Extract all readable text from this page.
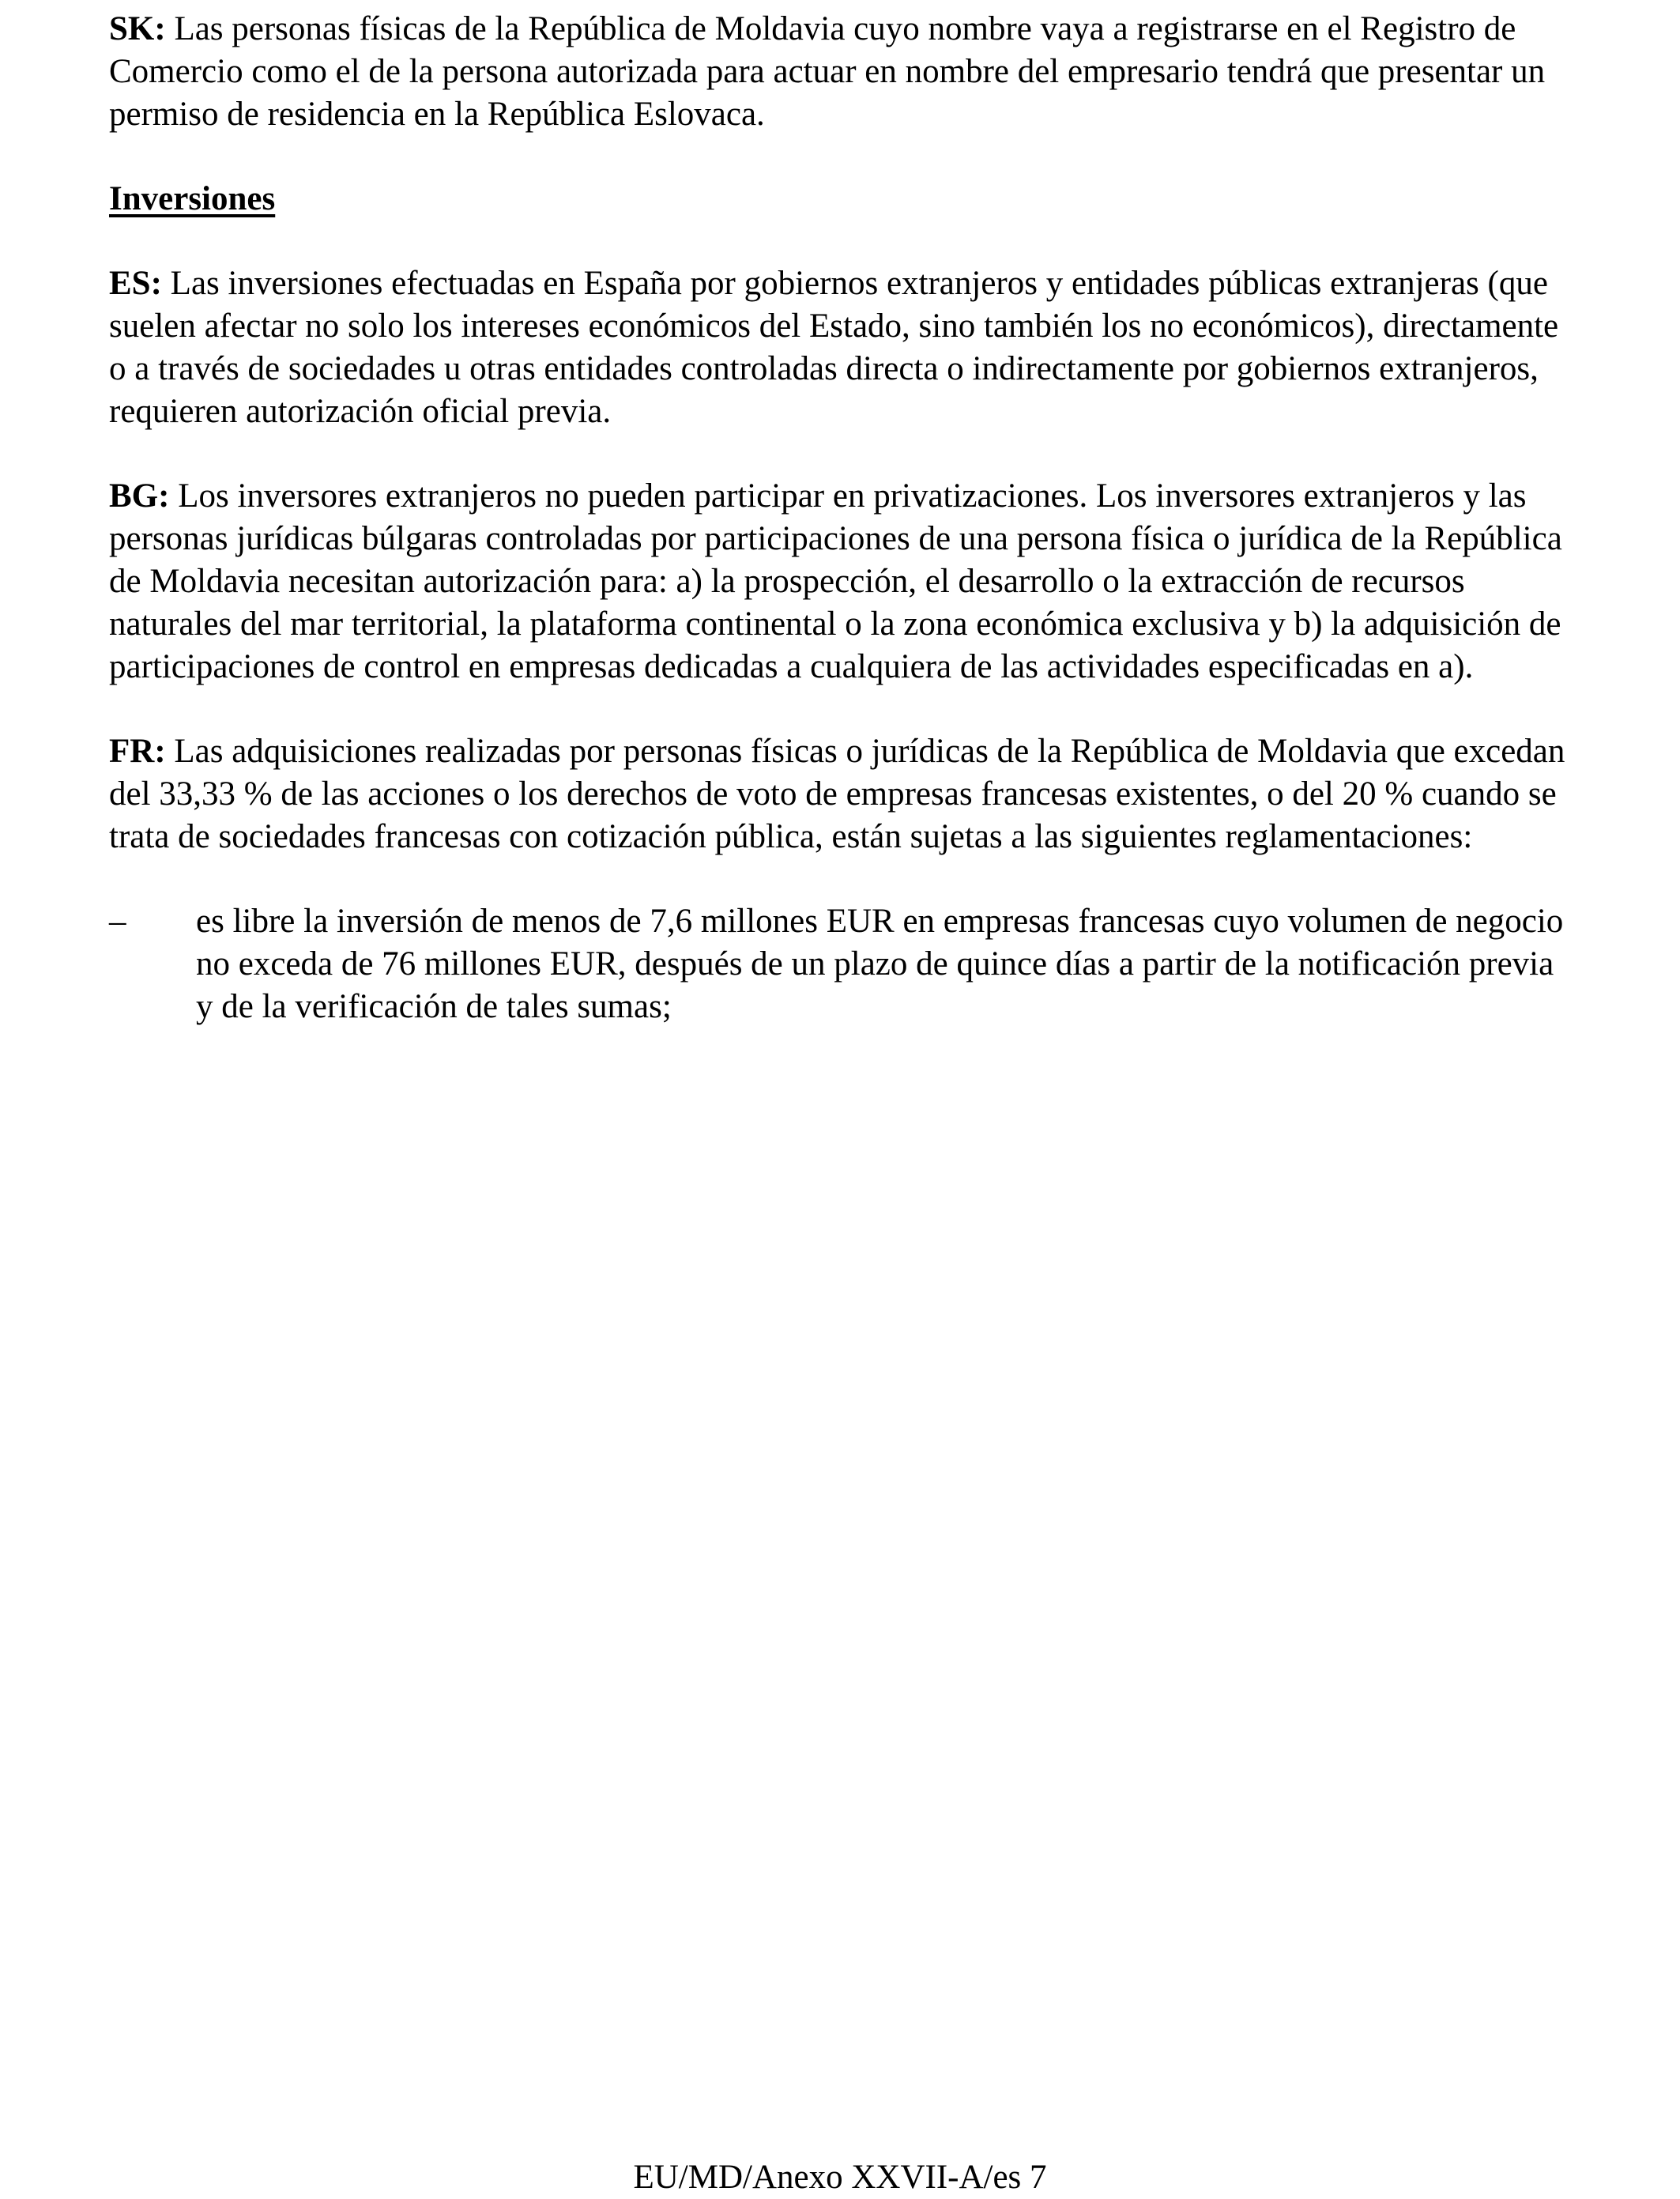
SK: Las personas físicas de la República de Moldavia cuyo nombre vaya a registrarse en el Registro de Comercio como el de la persona autorizada para actuar en nombre del empresario tendrá que presentar un permiso de residencia en la República Eslovaca.

Inversiones

ES: Las inversiones efectuadas en España por gobiernos extranjeros y entidades públicas extranjeras (que suelen afectar no solo los intereses económicos del Estado, sino también los no económicos), directamente o a través de sociedades u otras entidades controladas directa o indirectamente por gobiernos extranjeros, requieren autorización oficial previa.

BG: Los inversores extranjeros no pueden participar en privatizaciones. Los inversores extranjeros y las personas jurídicas búlgaras controladas por participaciones de una persona física o jurídica de la República de Moldavia necesitan autorización para: a) la prospección, el desarrollo o la extracción de recursos naturales del mar territorial, la plataforma continental o la zona económica exclusiva y b) la adquisición de participaciones de control en empresas dedicadas a cualquiera de las actividades especificadas en a).

FR: Las adquisiciones realizadas por personas físicas o jurídicas de la República de Moldavia que excedan del 33,33 % de las acciones o los derechos de voto de empresas francesas existentes, o del 20 % cuando se trata de sociedades francesas con cotización pública, están sujetas a las siguientes reglamentaciones:

–	es libre la inversión de menos de 7,6 millones EUR en empresas francesas cuyo volumen de negocio no exceda de 76 millones EUR, después de un plazo de quince días a partir de la notificación previa y de la verificación de tales sumas;
EU/MD/Anexo XXVII-A/es 7
